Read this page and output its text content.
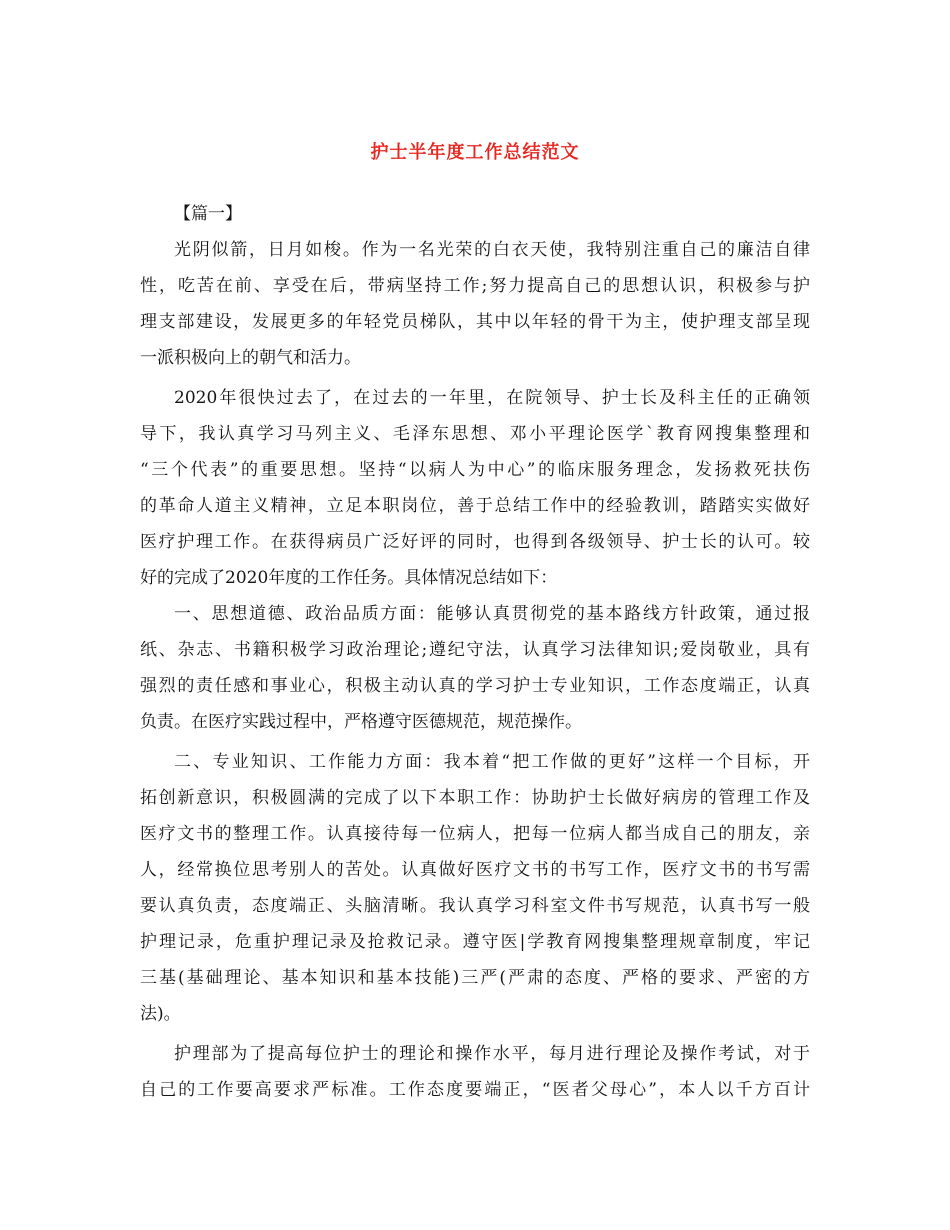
护士半年度工作总结范文
【篇一】
光阴似箭，日月如梭。作为一名光荣的白衣天使，我特别注重自己的廉洁自律
性，吃苦在前、享受在后，带病坚持工作;努力提高自己的思想认识，积极参与护
理支部建设，发展更多的年轻党员梯队，其中以年轻的骨干为主，使护理支部呈现
一派积极向上的朝气和活力。
2020年很快过去了，在过去的一年里，在院领导、护士长及科主任的正确领
导下，我认真学习马列主义、毛泽东思想、邓小平理论医学`教育网搜集整理和
“三个代表”的重要思想。坚持“以病人为中心”的临床服务理念，发扬救死扶伤
的革命人道主义精神，立足本职岗位，善于总结工作中的经验教训，踏踏实实做好
医疗护理工作。在获得病员广泛好评的同时，也得到各级领导、护士长的认可。较
好的完成了2020年度的工作任务。具体情况总结如下：
一、思想道德、政治品质方面：能够认真贯彻党的基本路线方针政策，通过报
纸、杂志、书籍积极学习政治理论;遵纪守法，认真学习法律知识;爱岗敬业，具有
强烈的责任感和事业心，积极主动认真的学习护士专业知识，工作态度端正，认真
负责。在医疗实践过程中，严格遵守医德规范，规范操作。
二、专业知识、工作能力方面：我本着“把工作做的更好”这样一个目标，开
拓创新意识，积极圆满的完成了以下本职工作：协助护士长做好病房的管理工作及
医疗文书的整理工作。认真接待每一位病人，把每一位病人都当成自己的朋友，亲
人，经常换位思考别人的苦处。认真做好医疗文书的书写工作，医疗文书的书写需
要认真负责，态度端正、头脑清晰。我认真学习科室文件书写规范，认真书写一般
护理记录，危重护理记录及抢救记录。遵守医|学教育网搜集整理规章制度，牢记
三基(基础理论、基本知识和基本技能)三严(严肃的态度、严格的要求、严密的方
法)。
护理部为了提高每位护士的理论和操作水平，每月进行理论及操作考试，对于
自己的工作要高要求严标准。工作态度要端正，“医者父母心”，本人以千方百计
